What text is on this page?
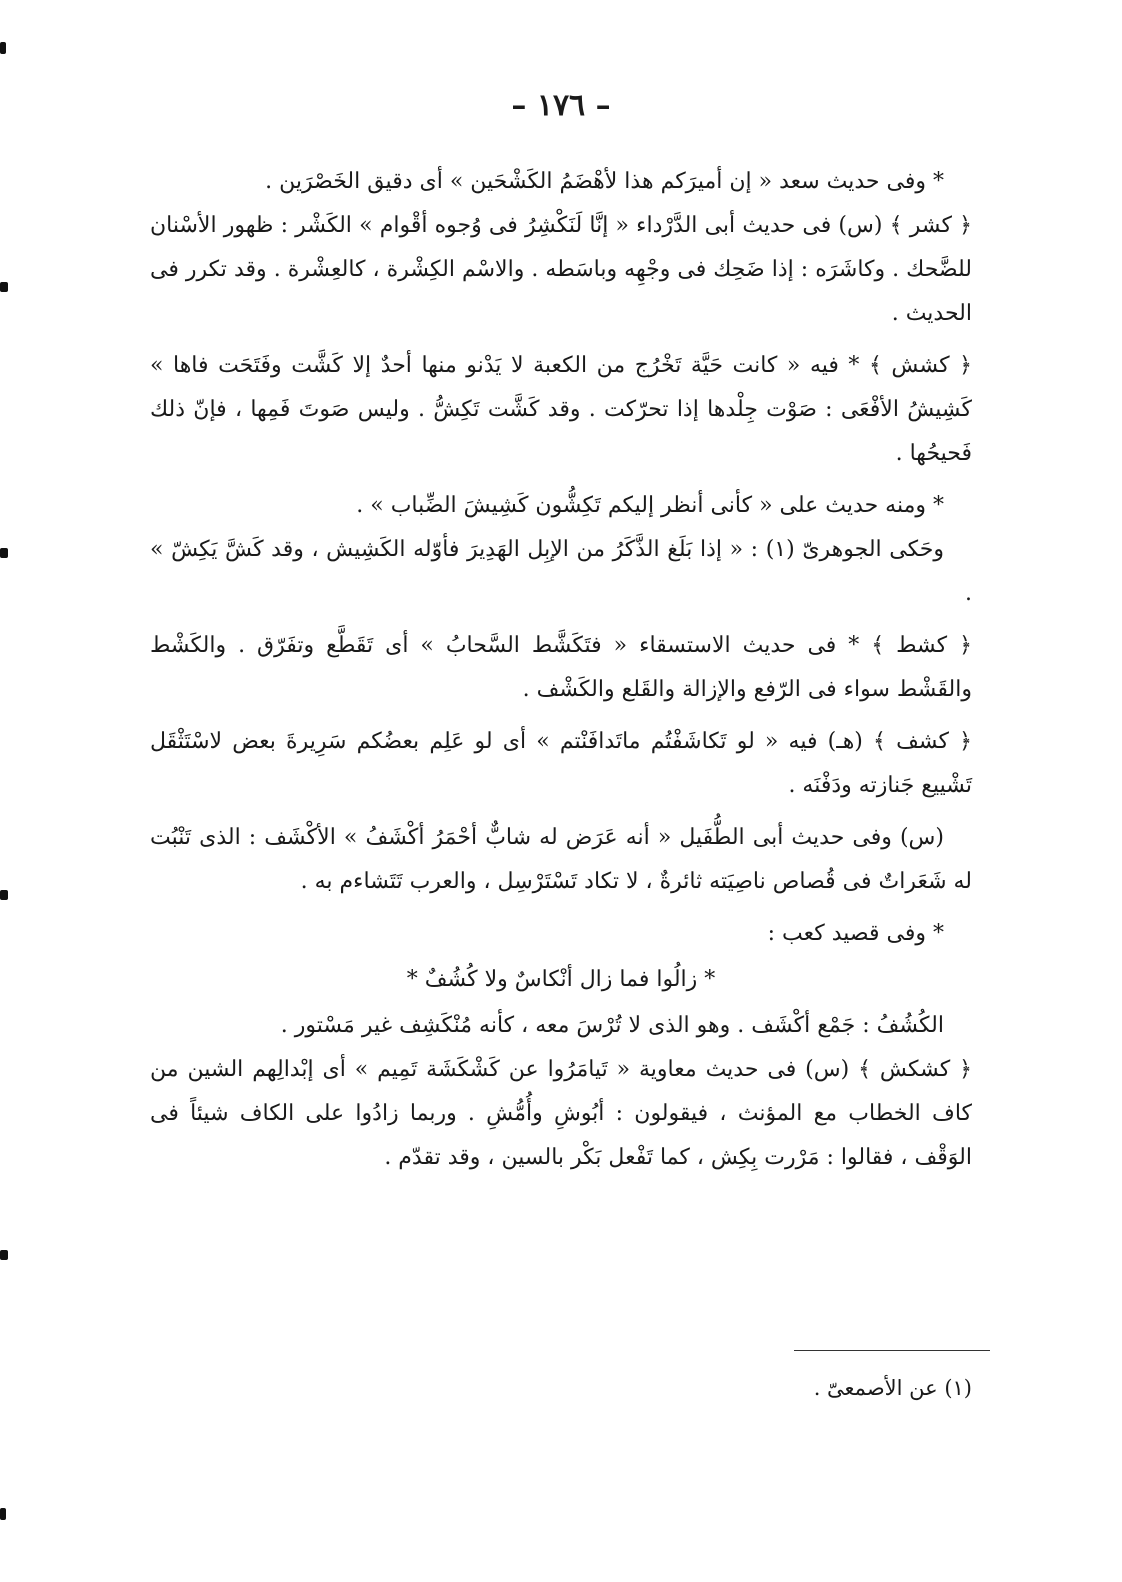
– ١٧٦ –

* وفى حديث سعد « إن أميرَكم هذا لأهْضَمُ الكَشْحَين » أى دقيق الخَصْرَين .

﴿ كشر ﴾ (س) فى حديث أبى الدَّرْداء « إنَّا لَنَكْشِرُ فى وُجوه أقْوام » الكَشْر : ظهور الأسْنان للضَّحك . وكاشَرَه : إذا ضَحِك فى وجْهِه وباسَطه . والاسْم الكِشْرة ، كالعِشْرة . وقد تكرر فى الحديث .

﴿ كشش ﴾ * فيه « كانت حَيَّة تَخْرُج من الكعبة لا يَدْنو منها أحدٌ إلا كَشَّت وفَتَحَت فاها » كَشِيشُ الأفْعَى : صَوْت جِلْدها إذا تحرّكت . وقد كَشَّت تَكِشُّ . وليس صَوتَ فَمِها ، فإنّ ذلك فَحيحُها .

* ومنه حديث على « كأنى أنظر إليكم تَكِشُّون كَشِيشَ الضِّباب » .

وحَكى الجوهرىّ (١) : « إذا بَلَغ الذَّكَرُ من الإبِل الهَدِيرَ فأوّله الكَشِيش ، وقد كَشَّ يَكِشّ » .

﴿ كشط ﴾ * فى حديث الاستسقاء « فتَكَشَّط السَّحابُ » أى تَقَطَّع وتفَرّق . والكَشْط والقَشْط سواء فى الرّفع والإزالة والقَلع والكَشْف .

﴿ كشف ﴾ (هـ) فيه « لو تَكاشَفْتُم ماتَدافَنْتم » أى لو عَلِم بعضُكم سَرِيرةَ بعض لاسْتَثْقَل تَشْييع جَنازته ودَفْنَه .

(س) وفى حديث أبى الطُّفَيل « أنه عَرَض له شابٌّ أحْمَرُ أكْشَفُ » الأكْشَف : الذى تَنْبُت له شَعَراتٌ فى قُصاص ناصِيَته ثائرةٌ ، لا تكاد تَسْتَرْسِل ، والعرب تَتَشاءم به .

* وفى قصيد كعب :

* زالُوا فما زال أنْكاسٌ ولا كُشُفٌ *

الكُشُفُ : جَمْع أكْشَف . وهو الذى لا تُرْسَ معه ، كأنه مُنْكَشِف غير مَسْتور .

﴿ كشكش ﴾ (س) فى حديث معاوية « تَيامَرُوا عن كَشْكَشَة تَمِيم » أى إبْدالِهم الشين من كاف الخطاب مع المؤنث ، فيقولون : أبُوشِ وأُمُّشِ . وربما زادُوا على الكاف شيئاً فى الوَقْف ، فقالوا : مَرْرت بِكِش ، كما تَفْعل بَكْر بالسين ، وقد تقدّم .

(١) عن الأصمعىّ .
